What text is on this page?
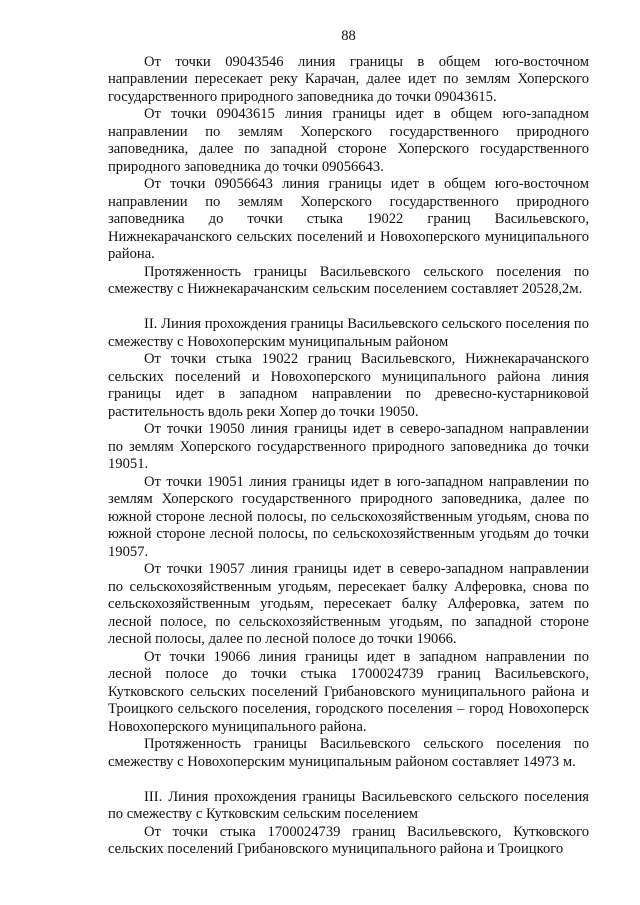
88

От точки 09043546 линия границы в общем юго-восточном направлении пересекает реку Карачан, далее идет по землям Хоперского государственного природного заповедника до точки 09043615.

От точки 09043615 линия границы идет в общем юго-западном направлении по землям Хоперского государственного природного заповедника, далее по западной стороне Хоперского государственного природного заповедника до точки 09056643.

От точки 09056643 линия границы идет в общем юго-восточном направлении по землям Хоперского государственного природного заповедника до точки стыка 19022 границ Васильевского, Нижнекарачанского сельских поселений и Новохоперского муниципального района.

Протяженность границы Васильевского сельского поселения по смежеству с Нижнекарачанским сельским поселением составляет 20528,2м.

II. Линия прохождения границы Васильевского сельского поселения по смежеству с Новохоперским муниципальным районом

От точки стыка 19022 границ Васильевского, Нижнекарачанского сельских поселений и Новохоперского муниципального района линия границы идет в западном направлении по древесно-кустарниковой растительность вдоль реки Хопер до точки 19050.

От точки 19050 линия границы идет в северо-западном направлении по землям Хоперского государственного природного заповедника до точки 19051.

От точки 19051 линия границы идет в юго-западном направлении по землям Хоперского государственного природного заповедника, далее по южной стороне лесной полосы, по сельскохозяйственным угодьям, снова по южной стороне лесной полосы, по сельскохозяйственным угодьям до точки 19057.

От точки 19057 линия границы идет в северо-западном направлении по сельскохозяйственным угодьям, пересекает балку Алферовка, снова по сельскохозяйственным угодьям, пересекает балку Алферовка, затем по лесной полосе, по сельскохозяйственным угодьям, по западной стороне лесной полосы, далее по лесной полосе до точки 19066.

От точки 19066 линия границы идет в западном направлении по лесной полосе до точки стыка 1700024739 границ Васильевского, Кутковского сельских поселений Грибановского муниципального района и Троицкого сельского поселения, городского поселения – город Новохоперск Новохоперского муниципального района.

Протяженность границы Васильевского сельского поселения по смежеству с Новохоперским муниципальным районом составляет 14973 м.

III. Линия прохождения границы Васильевского сельского поселения по смежеству с Кутковским сельским поселением

От точки стыка 1700024739 границ Васильевского, Кутковского сельских поселений Грибановского муниципального района и Троицкого
